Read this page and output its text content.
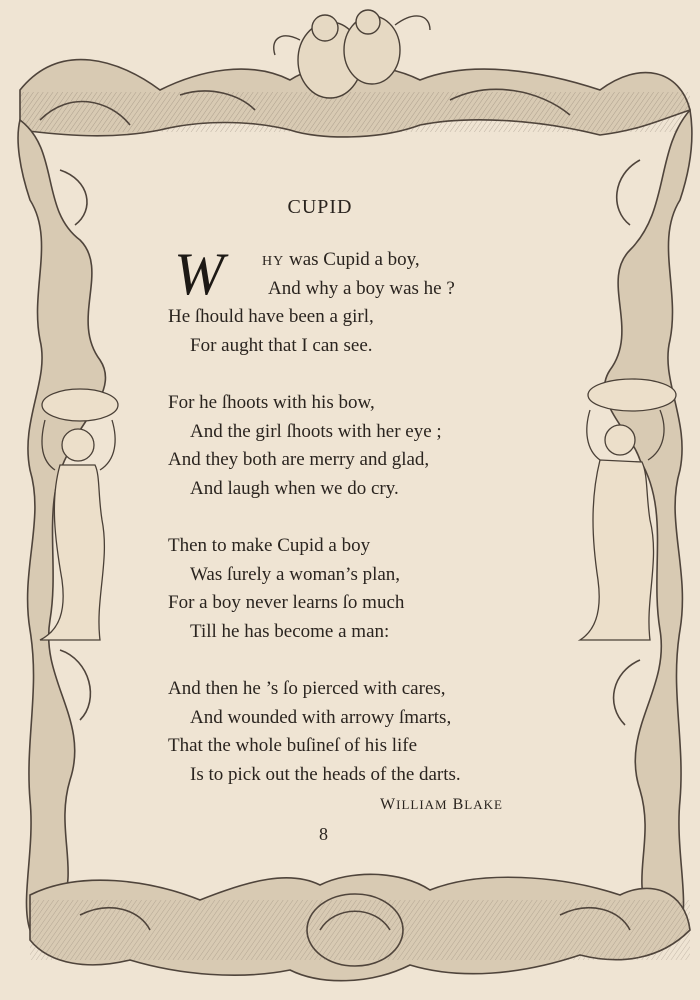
CUPID
W	HY was Cupid a boy,
And why a boy was he ?
He ſhould have been a girl,
For aught that I can see.
For he ſhoots with his bow,
And the girl ſhoots with her eye ;
And they both are merry and glad,
And laugh when we do cry.
Then to make Cupid a boy
Was ſurely a woman’s plan,
For a boy never learns ſo much
Till he has become a man:
And then he ’s ſo pierced with cares,
And wounded with arrowy ſmarts,
That the whole buſineſ of his life
Is to pick out the heads of the darts.
WILLIAM BLAKE
8
